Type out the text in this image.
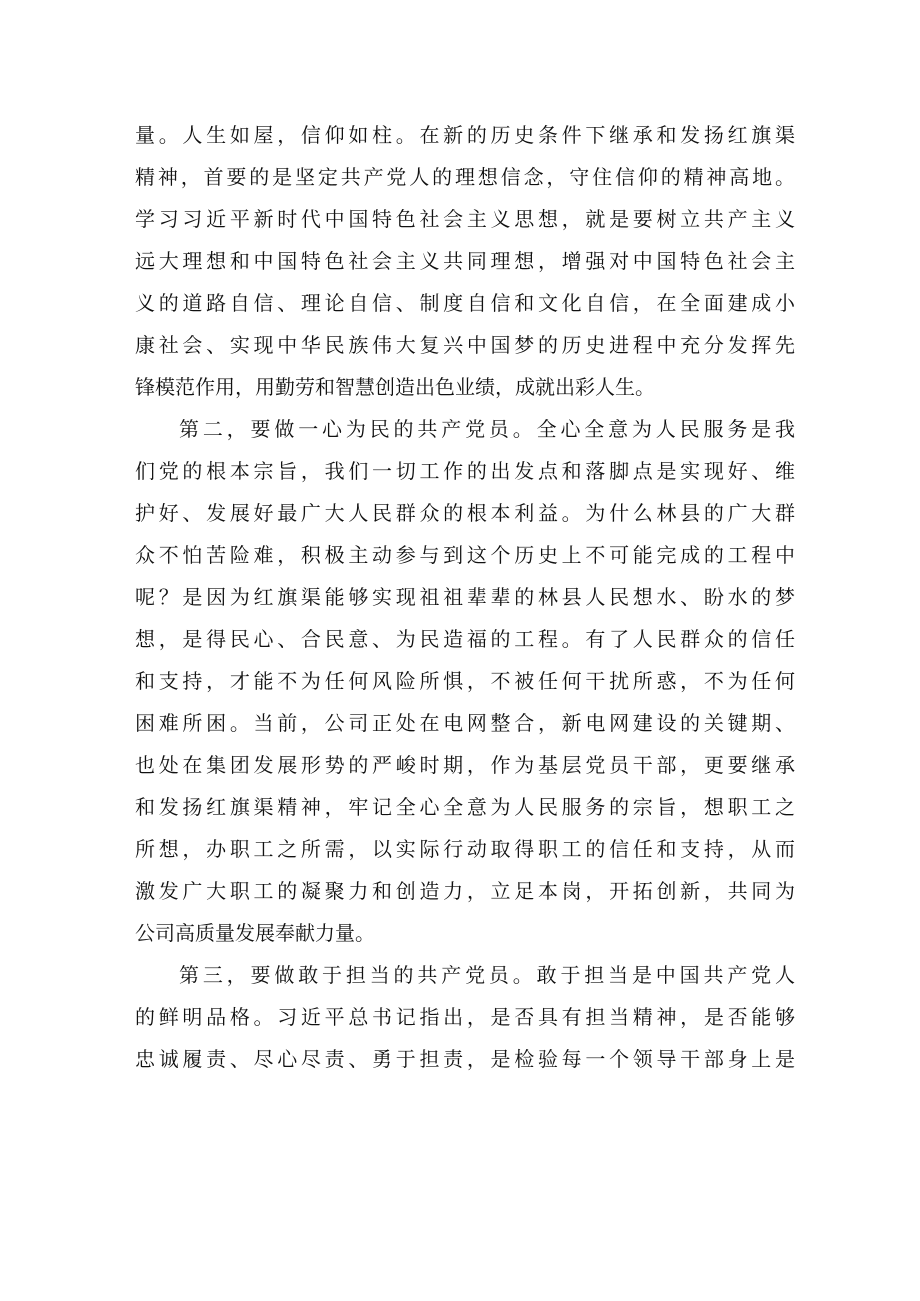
量。人生如屋，信仰如柱。在新的历史条件下继承和发扬红旗渠
精神，首要的是坚定共产党人的理想信念，守住信仰的精神高地。
学习习近平新时代中国特色社会主义思想，就是要树立共产主义
远大理想和中国特色社会主义共同理想，增强对中国特色社会主
义的道路自信、理论自信、制度自信和文化自信，在全面建成小
康社会、实现中华民族伟大复兴中国梦的历史进程中充分发挥先
锋模范作用，用勤劳和智慧创造出色业绩，成就出彩人生。
第二，要做一心为民的共产党员。全心全意为人民服务是我
们党的根本宗旨，我们一切工作的出发点和落脚点是实现好、维
护好、发展好最广大人民群众的根本利益。为什么林县的广大群
众不怕苦险难，积极主动参与到这个历史上不可能完成的工程中
呢？是因为红旗渠能够实现祖祖辈辈的林县人民想水、盼水的梦
想，是得民心、合民意、为民造福的工程。有了人民群众的信任
和支持，才能不为任何风险所惧，不被任何干扰所惑，不为任何
困难所困。当前，公司正处在电网整合，新电网建设的关键期、
也处在集团发展形势的严峻时期，作为基层党员干部，更要继承
和发扬红旗渠精神，牢记全心全意为人民服务的宗旨，想职工之
所想，办职工之所需，以实际行动取得职工的信任和支持，从而
激发广大职工的凝聚力和创造力，立足本岗，开拓创新，共同为
公司高质量发展奉献力量。
第三，要做敢于担当的共产党员。敢于担当是中国共产党人
的鲜明品格。习近平总书记指出，是否具有担当精神，是否能够
忠诚履责、尽心尽责、勇于担责，是检验每一个领导干部身上是
